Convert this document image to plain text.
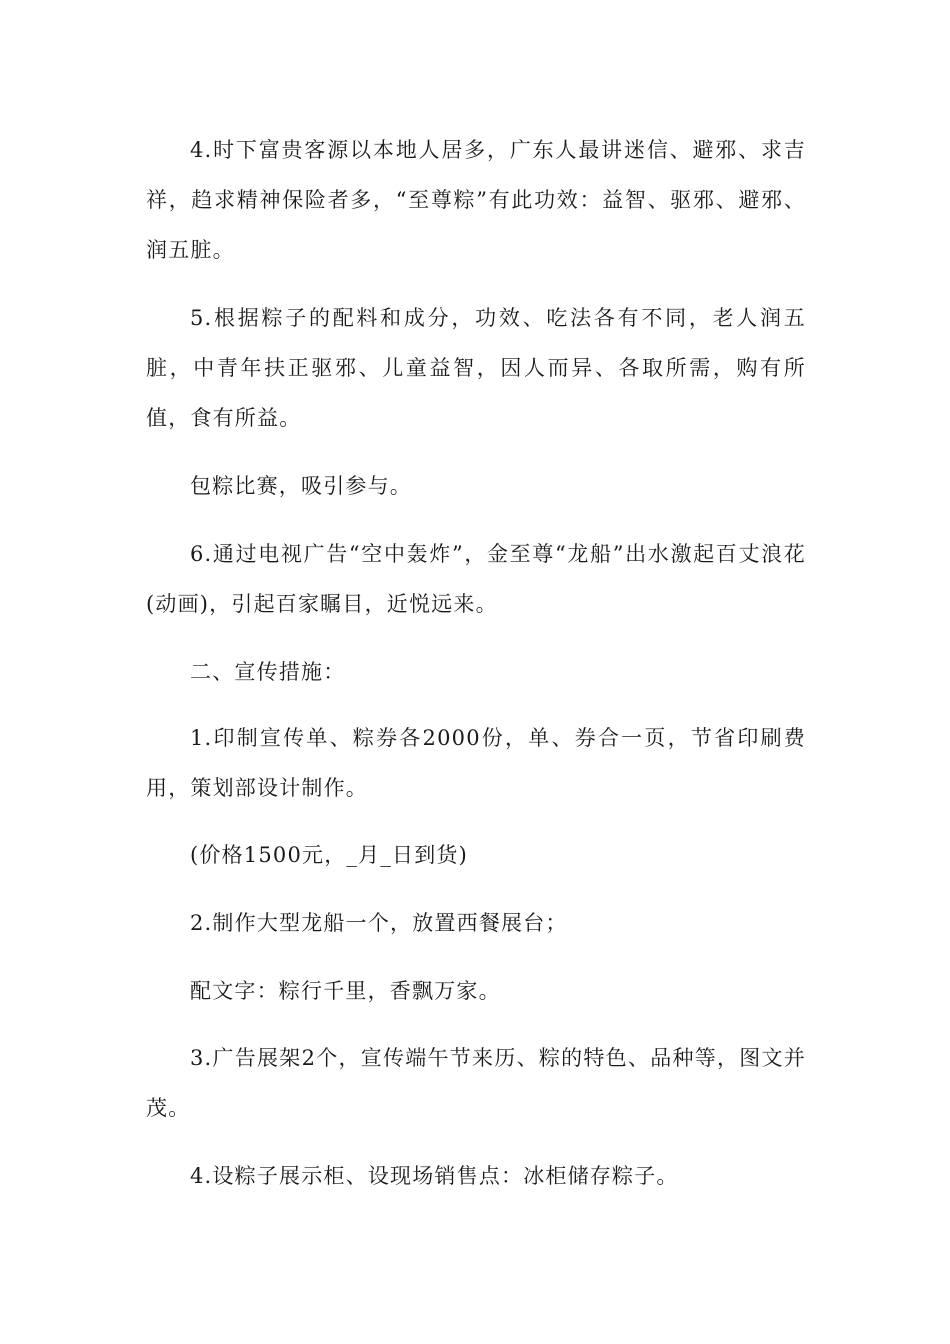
4.时下富贵客源以本地人居多，广东人最讲迷信、避邪、求吉祥，趋求精神保险者多，“至尊粽”有此功效：益智、驱邪、避邪、润五脏。

5.根据粽子的配料和成分，功效、吃法各有不同，老人润五脏，中青年扶正驱邪、儿童益智，因人而异、各取所需，购有所值，食有所益。

包粽比赛，吸引参与。

6.通过电视广告“空中轰炸”，金至尊“龙船”出水激起百丈浪花(动画)，引起百家瞩目，近悦远来。

二、宣传措施：

1.印制宣传单、粽券各2000份，单、券合一页，节省印刷费用，策划部设计制作。

(价格1500元，_月_日到货)

2.制作大型龙船一个，放置西餐展台；

配文字：粽行千里，香飘万家。

3.广告展架2个，宣传端午节来历、粽的特色、品种等，图文并茂。

4.设粽子展示柜、设现场销售点：冰柜储存粽子。
